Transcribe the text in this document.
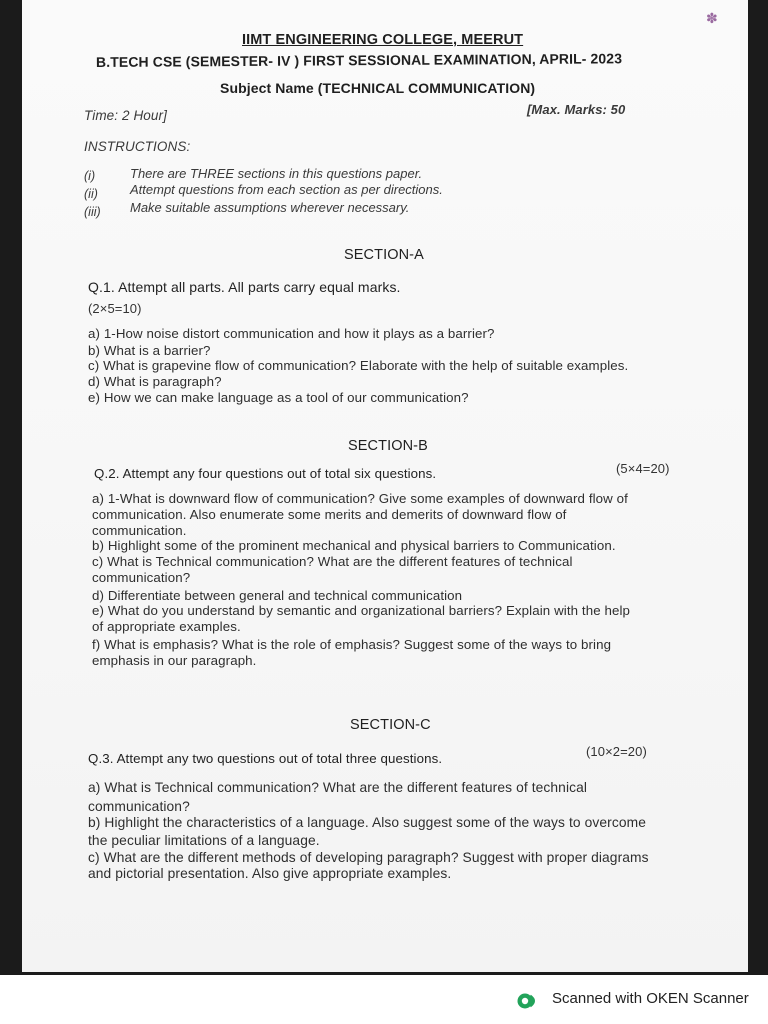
✽
IIMT ENGINEERING COLLEGE, MEERUT
B.TECH CSE (SEMESTER- IV ) FIRST SESSIONAL EXAMINATION, APRIL- 2023
Subject Name (TECHNICAL COMMUNICATION)
Time: 2 Hour]	[Max. Marks: 50
INSTRUCTIONS:
(i)	There are THREE sections in this questions paper.
(ii) Attempt questions from each section as per directions.
(iii) Make suitable assumptions wherever necessary.
SECTION-A
Q.1. Attempt all parts. All parts carry equal marks.
(2×5=10)
a) 1-How noise distort communication and how it plays as a barrier?
b) What is a barrier?
c) What is grapevine flow of communication? Elaborate with the help of suitable examples.
d) What is paragraph?
e) How we can make language as a tool of our communication?
SECTION-B
Q.2. Attempt any four questions out of total six questions.	(5×4=20)
a) 1-What is downward flow of communication? Give some examples of downward flow of
communication. Also enumerate some merits and demerits of downward flow of
communication.
b) Highlight some of the prominent mechanical and physical barriers to Communication.
c) What is Technical communication? What are the different features of technical
communication?
d) Differentiate between general and technical communication
e) What do you understand by semantic and organizational barriers? Explain with the help
of appropriate examples.
f) What is emphasis? What is the role of emphasis? Suggest some of the ways to bring
emphasis in our paragraph.
SECTION-C
Q.3. Attempt any two questions out of total three questions.	(10×2=20)
a) What is Technical communication? What are the different features of technical
communication?
b) Highlight the characteristics of a language. Also suggest some of the ways to overcome
the peculiar limitations of a language.
c) What are the different methods of developing paragraph? Suggest with proper diagrams
and pictorial presentation. Also give appropriate examples.
Scanned with OKEN Scanner
